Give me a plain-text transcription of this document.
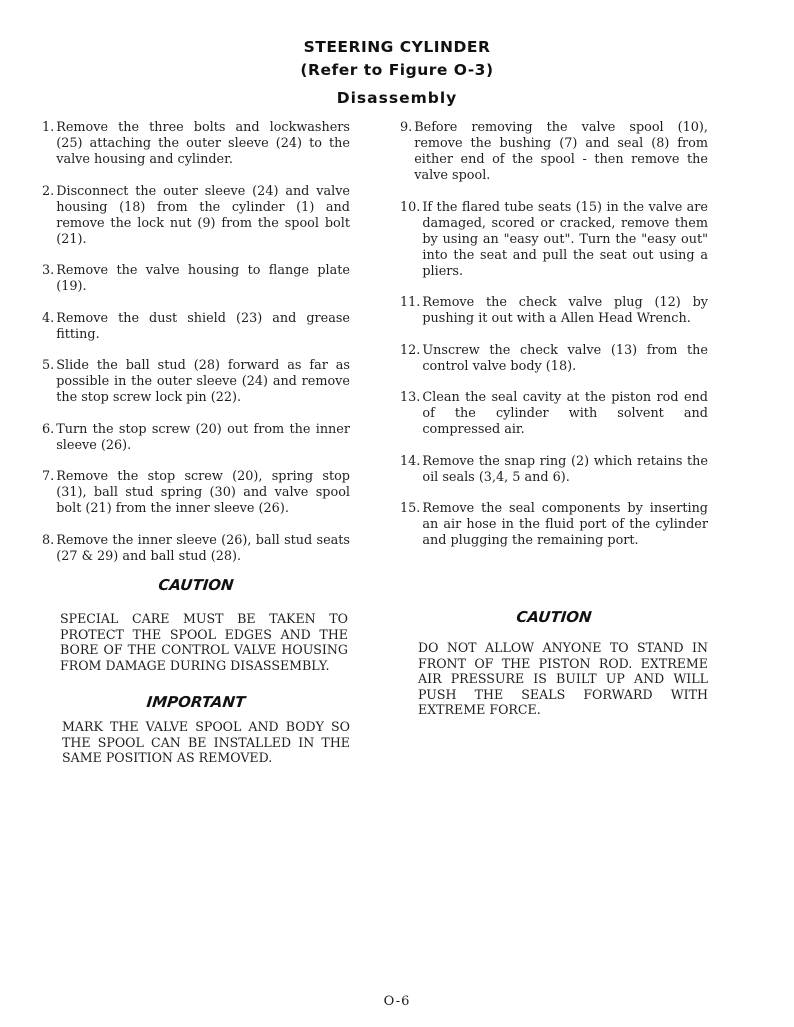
STEERING CYLINDER
(Refer to Figure O-3)
Disassembly
1. Remove the three bolts and lockwashers (25) attaching the outer sleeve (24) to the valve housing and cylinder.
2. Disconnect the outer sleeve (24) and valve housing (18) from the cylinder (1) and remove the lock nut (9) from the spool bolt (21).
3. Remove the valve housing to flange plate (19).
4. Remove the dust shield (23) and grease fitting.
5. Slide the ball stud (28) forward as far as possible in the outer sleeve (24) and remove the stop screw lock pin (22).
6. Turn the stop screw (20) out from the inner sleeve (26).
7. Remove the stop screw (20), spring stop (31), ball stud spring (30) and valve spool bolt (21) from the inner sleeve (26).
8. Remove the inner sleeve (26), ball stud seats (27 & 29) and ball stud (28).
9. Before removing the valve spool (10), remove the bushing (7) and seal (8) from either end of the spool - then remove the valve spool.
10. If the flared tube seats (15) in the valve are damaged, scored or cracked, remove them by using an "easy out". Turn the "easy out" into the seat and pull the seat out using a pliers.
11. Remove the check valve plug (12) by pushing it out with a Allen Head Wrench.
12. Unscrew the check valve (13) from the control valve body (18).
13. Clean the seal cavity at the piston rod end of the cylinder with solvent and compressed air.
14. Remove the snap ring (2) which retains the oil seals (3,4, 5 and 6).
15. Remove the seal components by inserting an air hose in the fluid port of the cylinder and plugging the remaining port.
CAUTION
SPECIAL CARE MUST BE TAKEN TO PROTECT THE SPOOL EDGES AND THE BORE OF THE CONTROL VALVE HOUSING FROM DAMAGE DURING DISASSEMBLY.
IMPORTANT
MARK THE VALVE SPOOL AND BODY SO THE SPOOL CAN BE INSTALLED IN THE SAME POSITION AS REMOVED.
CAUTION
DO NOT ALLOW ANYONE TO STAND IN FRONT OF THE PISTON ROD. EXTREME AIR PRESSURE IS BUILT UP AND WILL PUSH THE SEALS FORWARD WITH EXTREME FORCE.
O-6
